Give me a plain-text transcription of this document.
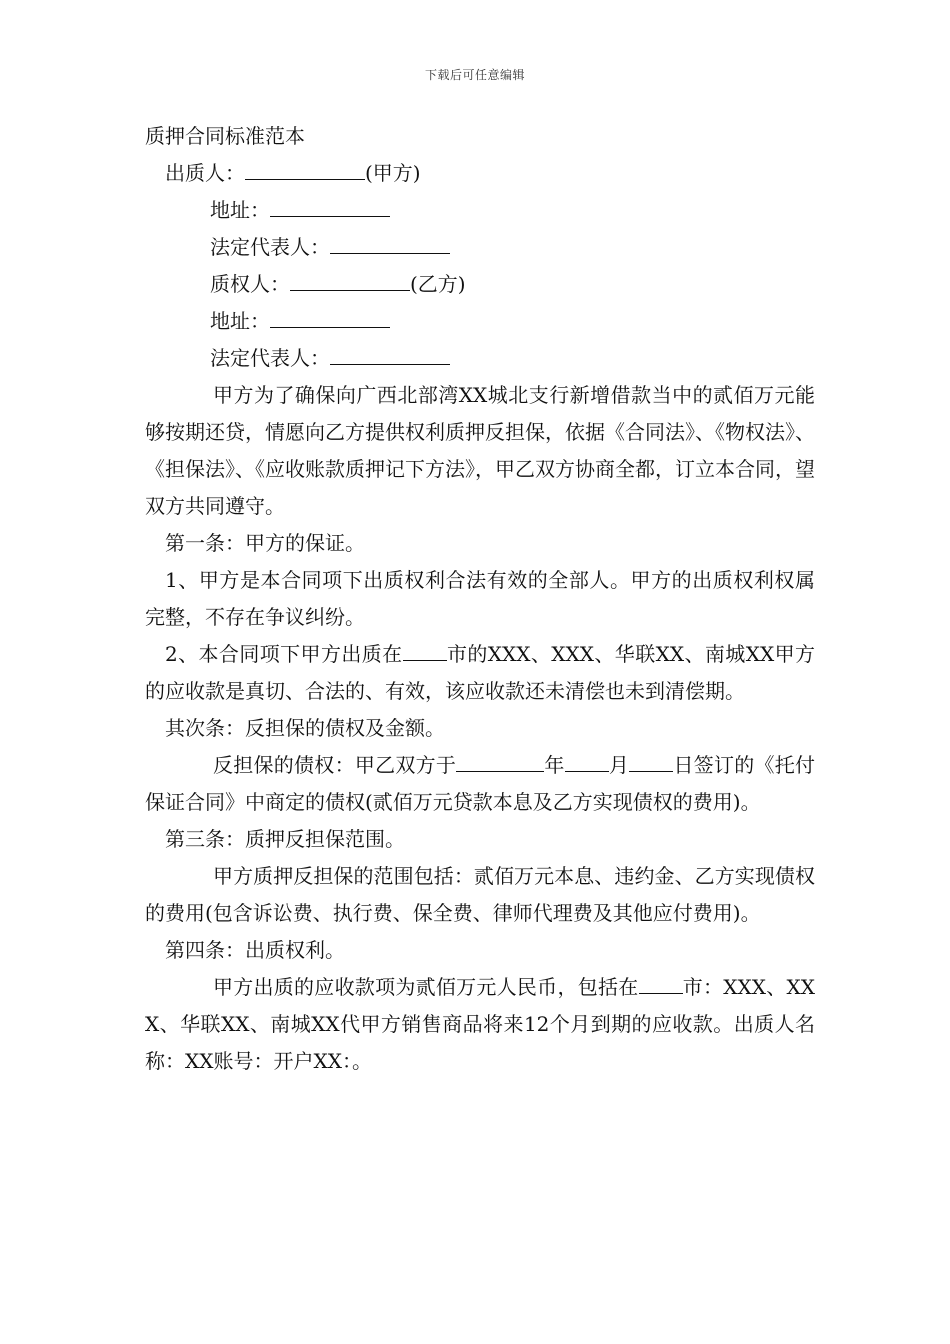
下载后可任意编辑
质押合同标准范本
出质人：	(甲方)
地址：
法定代表人：
质权人：	(乙方)
地址：
法定代表人：
甲方为了确保向广西北部湾XX城北支行新增借款当中的贰佰万元能够按期还贷，情愿向乙方提供权利质押反担保，依据《合同法》、《物权法》、《担保法》、《应收账款质押记下方法》，甲乙双方协商全都，订立本合同，望双方共同遵守。
第一条：甲方的保证。
1、甲方是本合同项下出质权利合法有效的全部人。甲方的出质权利权属完整，不存在争议纠纷。
2、本合同项下甲方出质在 市的XXX、XXX、华联XX、南城XX甲方的应收款是真切、合法的、有效，该应收款还未清偿也未到清偿期。
其次条：反担保的债权及金额。
反担保的债权：甲乙双方于	年 月 日签订的《托付保证合同》中商定的债权(贰佰万元贷款本息及乙方实现债权的费用)。
第三条：质押反担保范围。
甲方质押反担保的范围包括：贰佰万元本息、违约金、乙方实现债权的费用(包含诉讼费、执行费、保全费、律师代理费及其他应付费用)。
第四条：出质权利。
甲方出质的应收款项为贰佰万元人民币，包括在 市：XXX、XXX、华联XX、南城XX代甲方销售商品将来12个月到期的应收款。出质人名称：XX账号：开户XX：。
